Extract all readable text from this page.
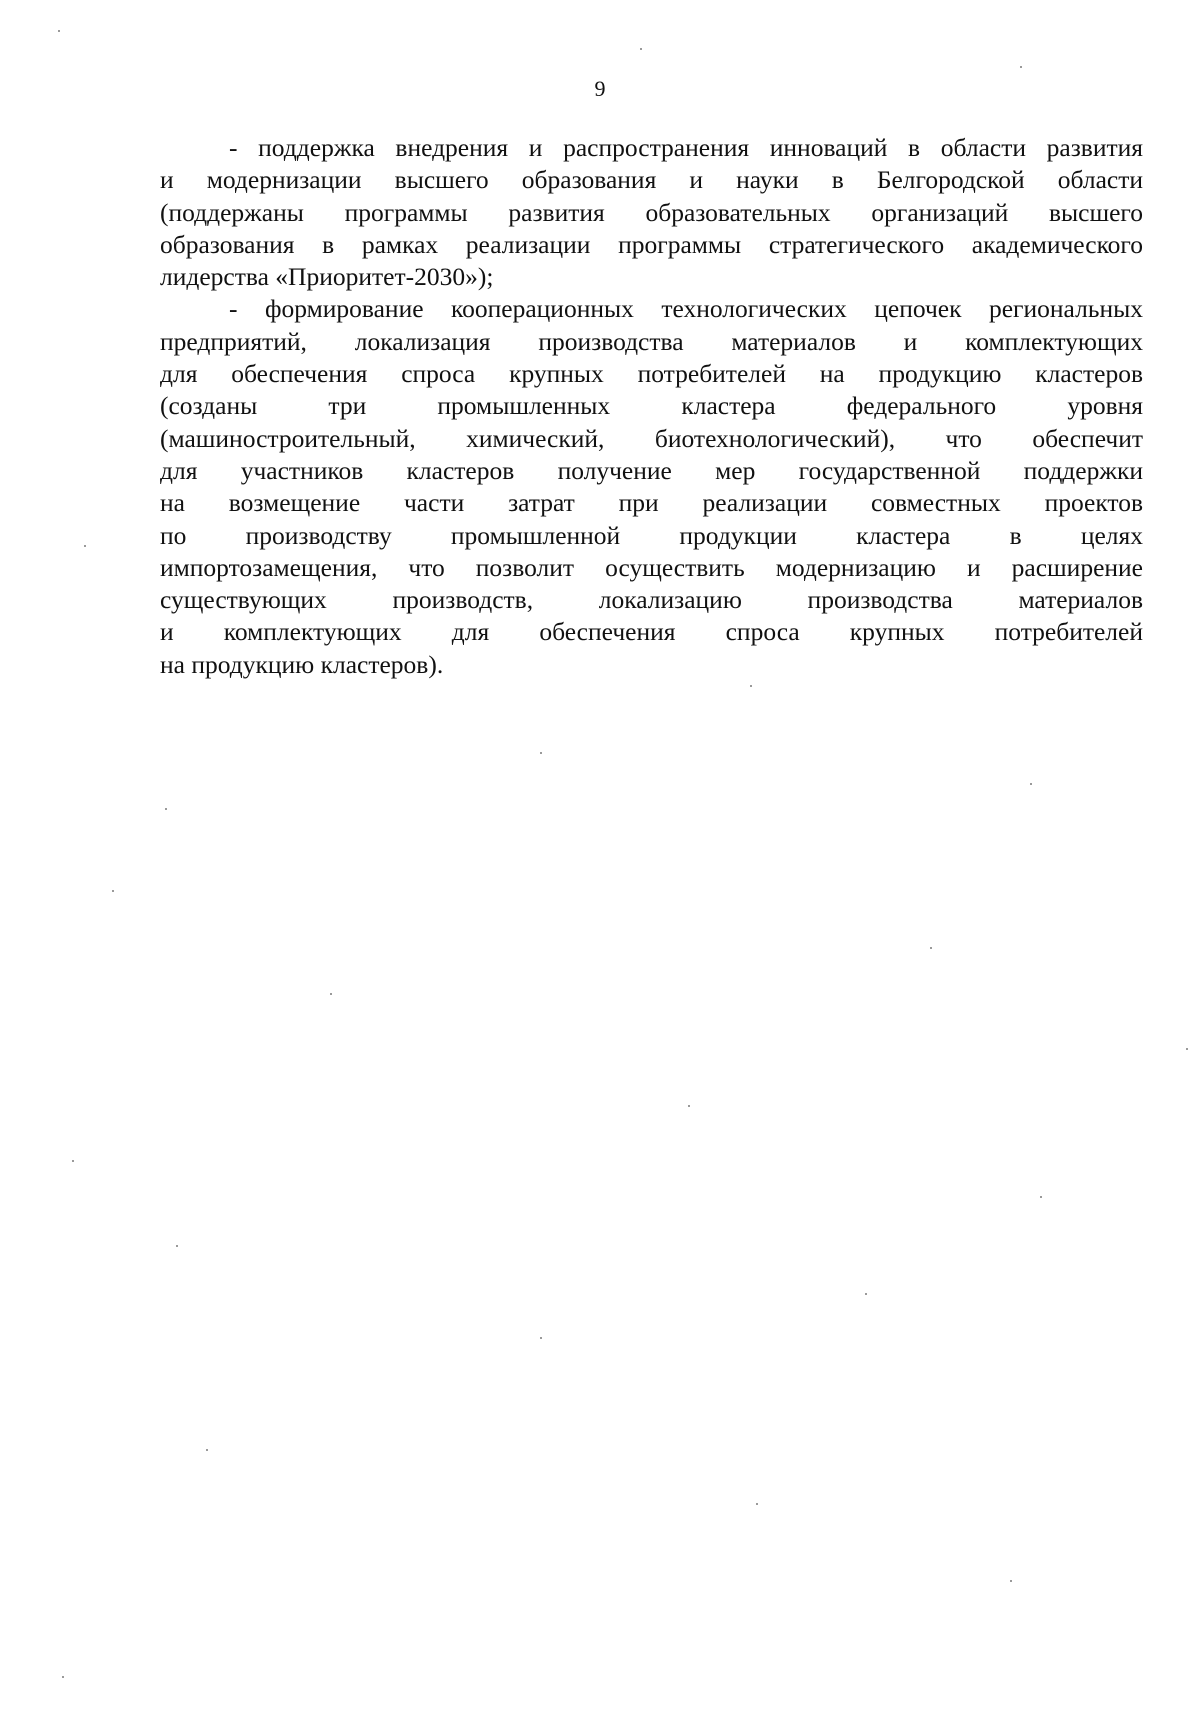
9
- поддержка внедрения и распространения инноваций в области развития
и модернизации высшего образования и науки в Белгородской области
(поддержаны программы развития образовательных организаций высшего
образования в рамках реализации программы стратегического академического
лидерства «Приоритет-2030»);
- формирование кооперационных технологических цепочек региональных
предприятий, локализация производства материалов и комплектующих
для обеспечения спроса крупных потребителей на продукцию кластеров
(созданы три промышленных кластера федерального уровня
(машиностроительный, химический, биотехнологический), что обеспечит
для участников кластеров получение мер государственной поддержки
на возмещение части затрат при реализации совместных проектов
по производству промышленной продукции кластера в целях
импортозамещения, что позволит осуществить модернизацию и расширение
существующих производств, локализацию производства материалов
и комплектующих для обеспечения спроса крупных потребителей
на продукцию кластеров).
